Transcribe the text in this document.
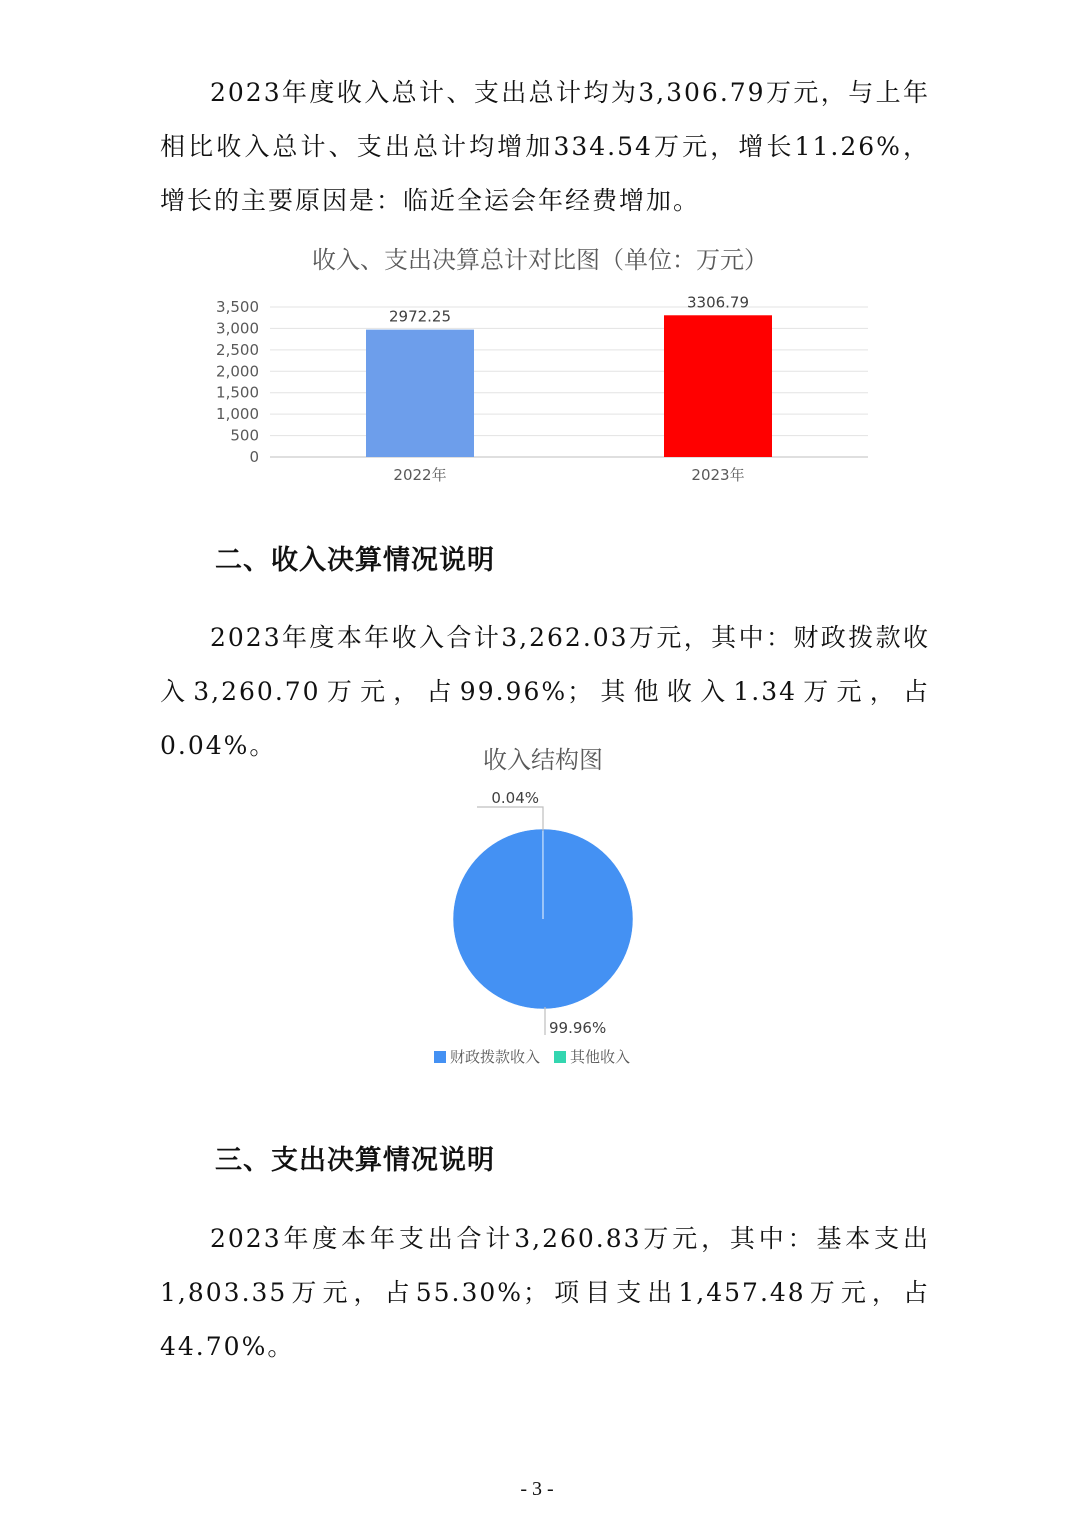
2023年度收入总计、支出总计均为3,306.79万元，与上年相比收入总计、支出总计均增加334.54万元，增长11.26%，增长的主要原因是：临近全运会年经费增加。

收入、支出决算总计对比图（单位：万元）
3,500
3,000
2,500
2,000
1,500
1,000
500
0
2972.25
2022年
3306.79
2023年
二、收入决算情况说明

2023年度本年收入合计3,262.03万元，其中：财政拨款收入3,260.70万元，占99.96%；其他收入1.34万元，占0.04%。	收入结构图
99.96%
0.04%
财政拨款收入 其他收入
三、支出决算情况说明

2023年度本年支出合计3,260.83万元，其中：基本支出1,803.35万元，占55.30%；项目支出1,457.48万元，占44.70%。

- 3 -
